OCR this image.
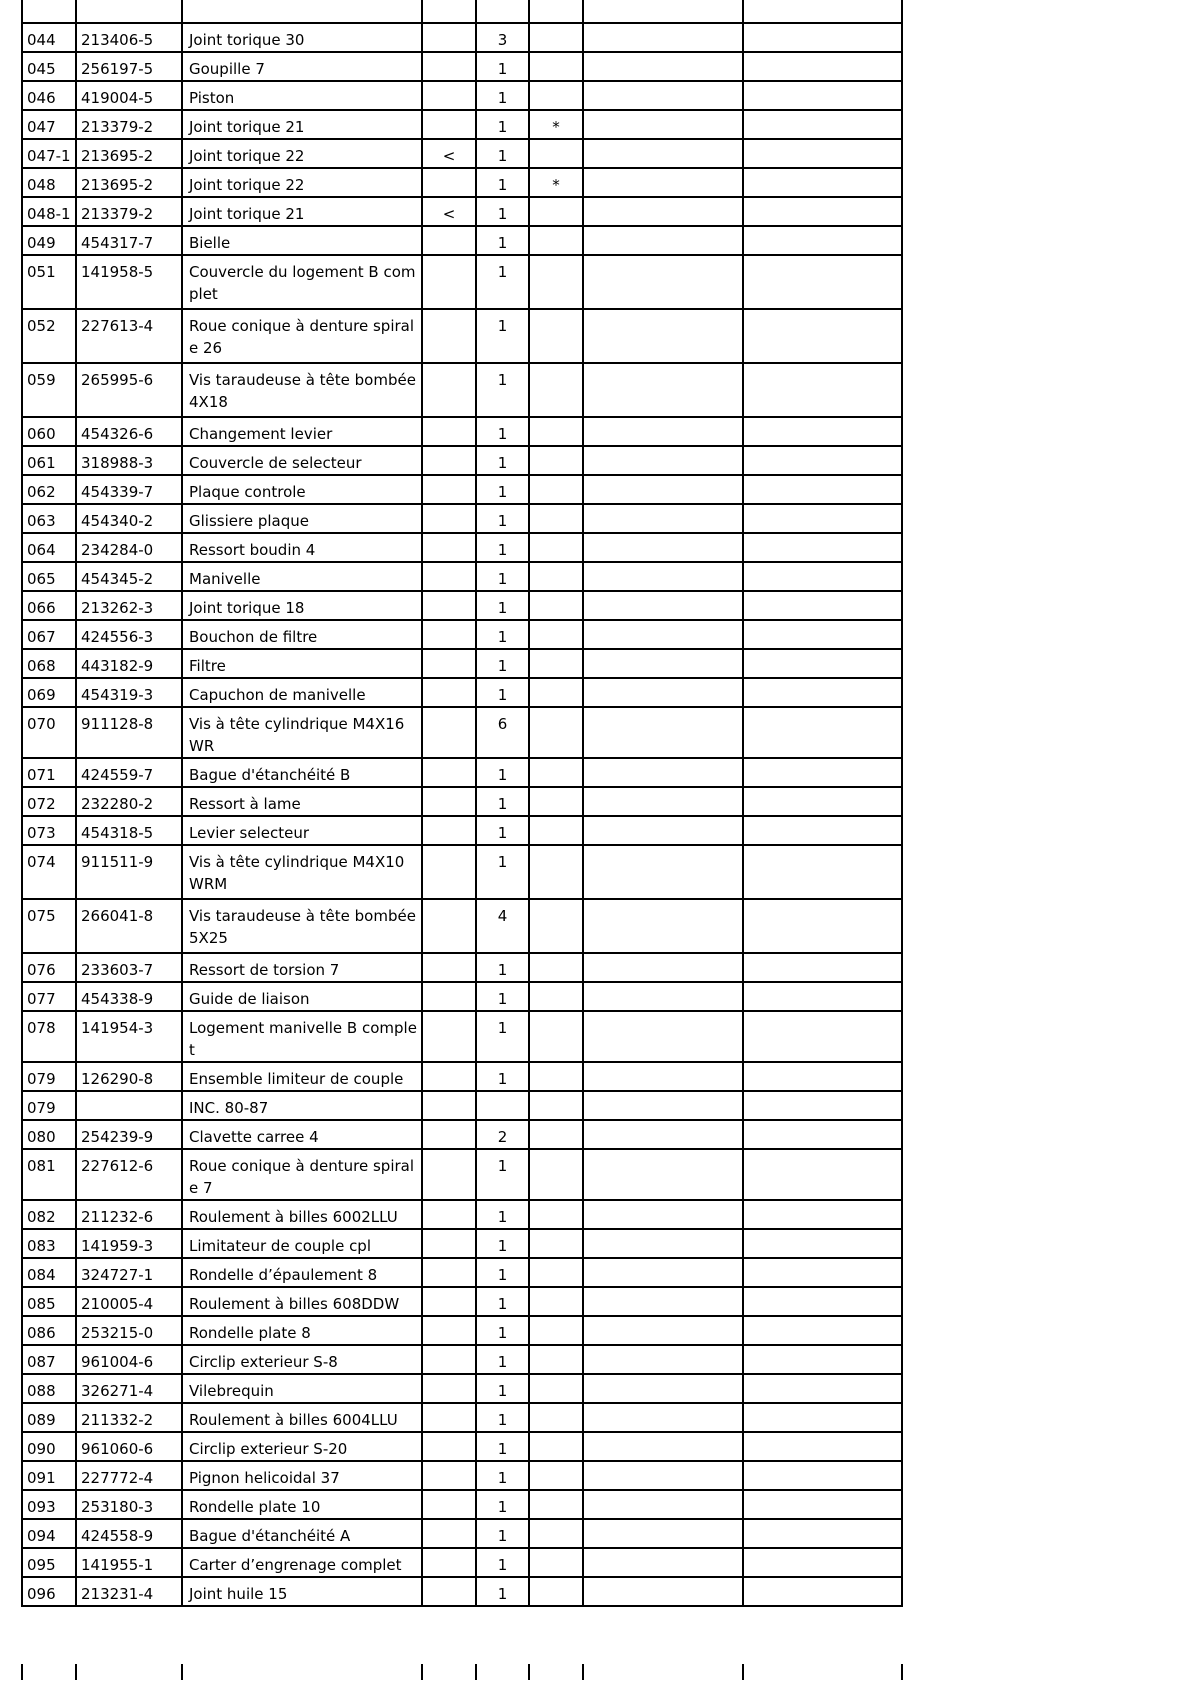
044	213406-5	Joint torique 30		3			
045	256197-5	Goupille 7		1			
046	419004-5	Piston		1			
047	213379-2	Joint torique 21		1	*		
047-1	213695-2	Joint torique 22	<	1			
048	213695-2	Joint torique 22		1	*		
048-1	213379-2	Joint torique 21	<	1			
049	454317-7	Bielle		1			
051	141958-5	Couvercle du logement B complet		1			
052	227613-4	Roue conique à denture spirale 26		1			
059	265995-6	Vis taraudeuse à tête bombée 4X18		1			
060	454326-6	Changement levier		1			
061	318988-3	Couvercle de selecteur		1			
062	454339-7	Plaque controle		1			
063	454340-2	Glissiere plaque		1			
064	234284-0	Ressort boudin 4		1			
065	454345-2	Manivelle		1			
066	213262-3	Joint torique 18		1			
067	424556-3	Bouchon de filtre		1			
068	443182-9	Filtre		1			
069	454319-3	Capuchon de manivelle		1			
070	911128-8	Vis à tête cylindrique M4X16 WR		6			
071	424559-7	Bague d'étanchéité B		1			
072	232280-2	Ressort à lame		1			
073	454318-5	Levier selecteur		1			
074	911511-9	Vis à tête cylindrique M4X10 WRM		1			
075	266041-8	Vis taraudeuse à tête bombée 5X25		4			
076	233603-7	Ressort de torsion 7		1			
077	454338-9	Guide de liaison		1			
078	141954-3	Logement manivelle B complet		1			
079	126290-8	Ensemble limiteur de couple		1			
079		INC. 80-87					
080	254239-9	Clavette carree 4		2			
081	227612-6	Roue conique à denture spirale 7		1			
082	211232-6	Roulement à billes 6002LLU		1			
083	141959-3	Limitateur de couple cpl		1			
084	324727-1	Rondelle d’épaulement 8		1			
085	210005-4	Roulement à billes 608DDW		1			
086	253215-0	Rondelle plate 8		1			
087	961004-6	Circlip exterieur S-8		1			
088	326271-4	Vilebrequin		1			
089	211332-2	Roulement à billes 6004LLU		1			
090	961060-6	Circlip exterieur S-20		1			
091	227772-4	Pignon helicoidal 37		1			
093	253180-3	Rondelle plate 10		1			
094	424558-9	Bague d'étanchéité A		1			
095	141955-1	Carter d’engrenage complet		1			
096	213231-4	Joint huile 15		1			
